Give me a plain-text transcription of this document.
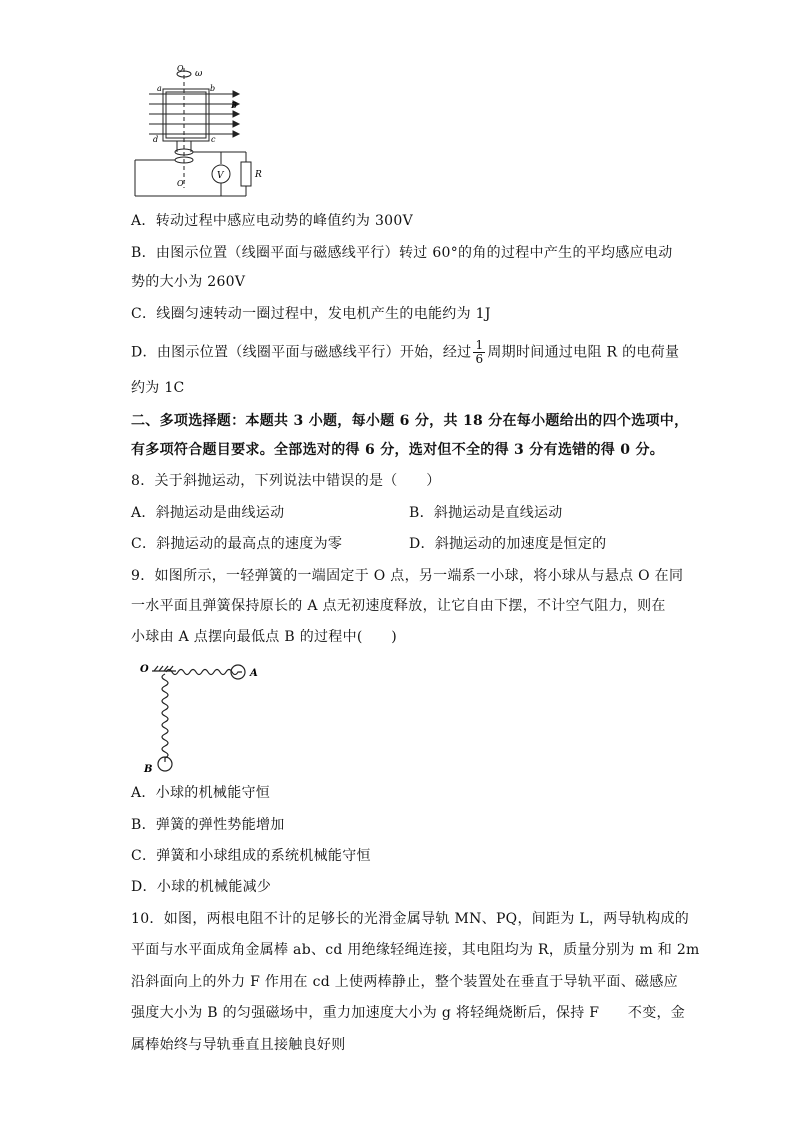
O
ω
a	b
B
d	c
O′
V	R
A．转动过程中感应电动势的峰值约为 300V
B．由图示位置（线圈平面与磁感线平行）转过 60°的角的过程中产生的平均感应电动
势的大小为 260V
C．线圈匀速转动一圈过程中，发电机产生的电能约为 1J
D．由图示位置（线圈平面与磁感线平行）开始，经过 $\frac{1}{6}$ 周期时间通过电阻 R 的电荷量
约为 1C
二、多项选择题：本题共 3 小题，每小题 6 分，共 18 分在每小题给出的四个选项中，
有多项符合题目要求。全部选对的得 6 分，选对但不全的得 3 分有选错的得 0 分。
8．关于斜抛运动，下列说法中错误的是（　　）
A．斜抛运动是曲线运动	B．斜抛运动是直线运动
C．斜抛运动的最高点的速度为零	D．斜抛运动的加速度是恒定的
9．如图所示，一轻弹簧的一端固定于 O 点，另一端系一小球，将小球从与悬点 O 在同
一水平面且弹簧保持原长的 A 点无初速度释放，让它自由下摆，不计空气阻力，则在
小球由 A 点摆向最低点 B 的过程中(　　)
O	A
B
A．小球的机械能守恒
B．弹簧的弹性势能增加
C．弹簧和小球组成的系统机械能守恒
D．小球的机械能减少
10．如图，两根电阻不计的足够长的光滑金属导轨 MN、PQ，间距为 L，两导轨构成的
平面与水平面成角金属棒 ab、cd 用绝缘轻绳连接，其电阻均为 R，质量分别为 m 和 2m
沿斜面向上的外力 F 作用在 cd 上使两棒静止，整个装置处在垂直于导轨平面、磁感应
强度大小为 B 的匀强磁场中，重力加速度大小为 g 将轻绳烧断后，保持 F　　不变，金
属棒始终与导轨垂直且接触良好则
